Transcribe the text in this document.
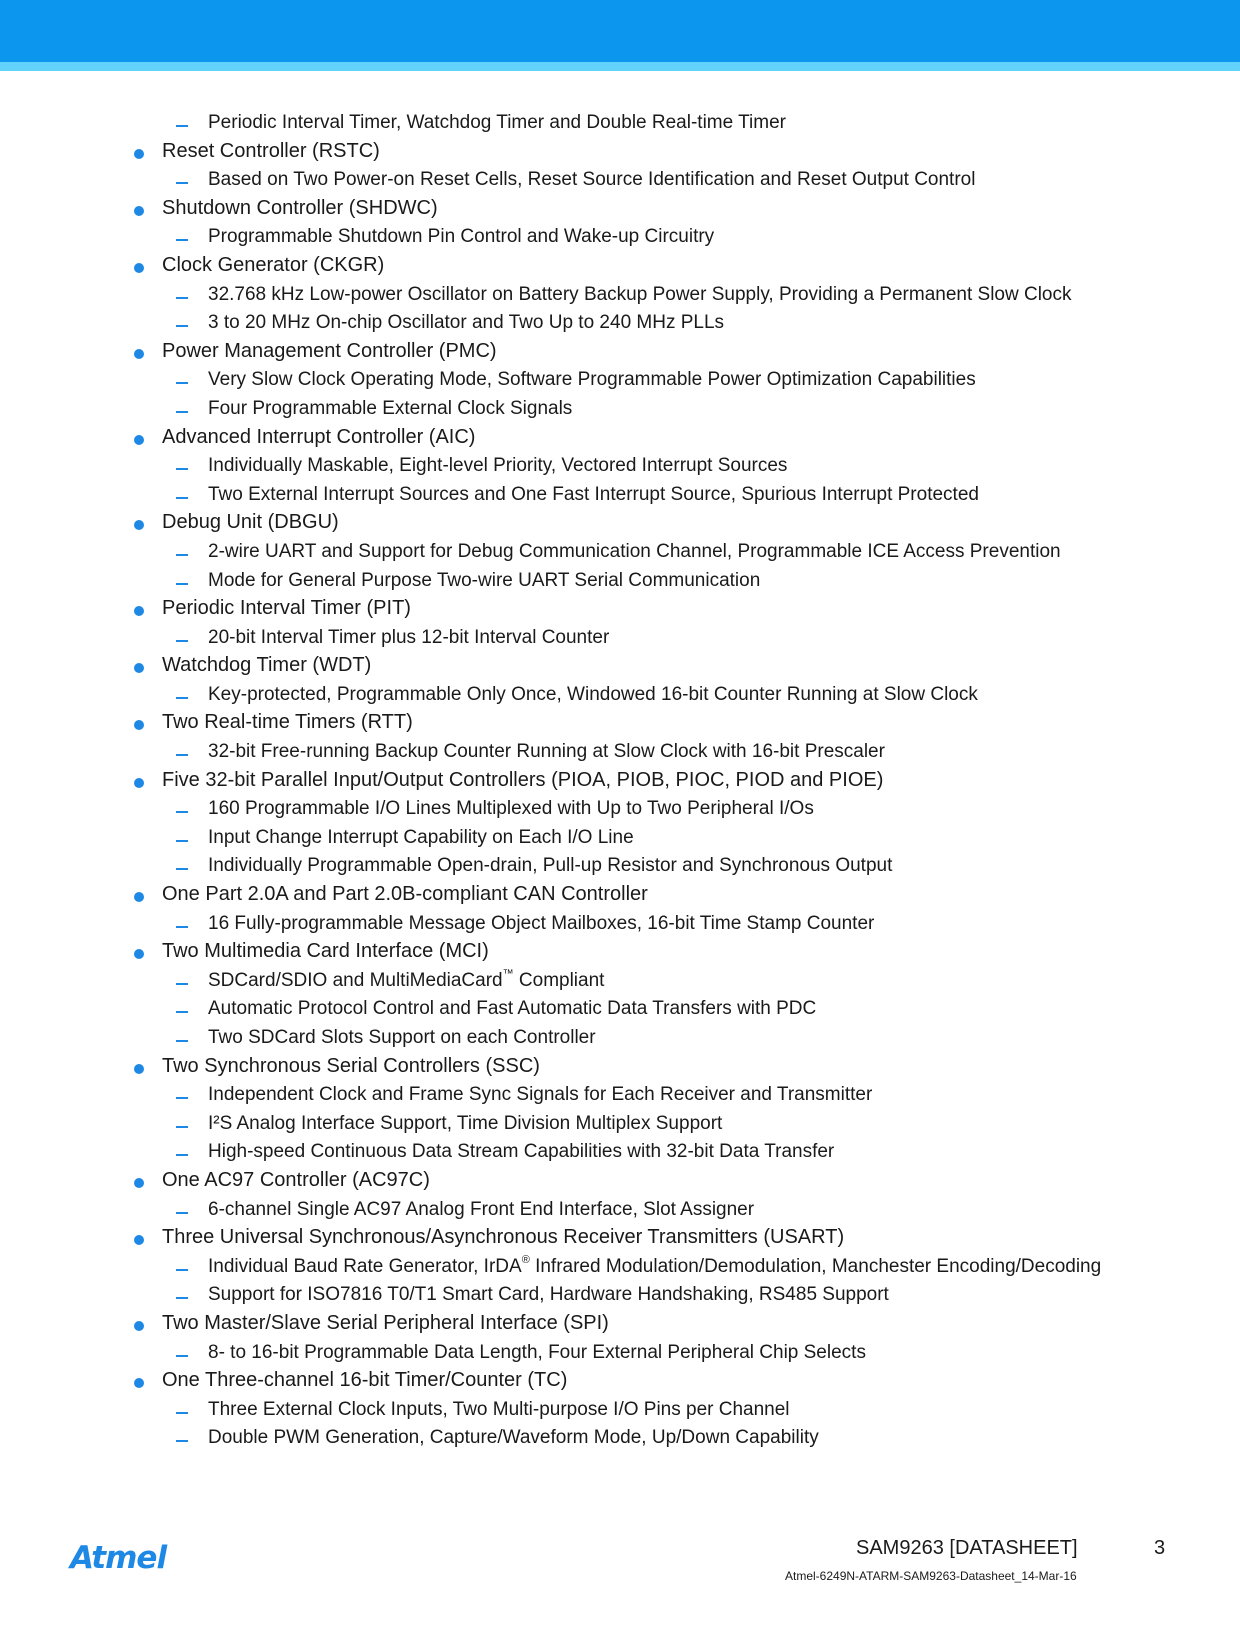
Periodic Interval Timer, Watchdog Timer and Double Real-time Timer
Reset Controller (RSTC)
Based on Two Power-on Reset Cells, Reset Source Identification and Reset Output Control
Shutdown Controller (SHDWC)
Programmable Shutdown Pin Control and Wake-up Circuitry
Clock Generator (CKGR)
32.768 kHz Low-power Oscillator on Battery Backup Power Supply, Providing a Permanent Slow Clock
3 to 20 MHz On-chip Oscillator and Two Up to 240 MHz PLLs
Power Management Controller (PMC)
Very Slow Clock Operating Mode, Software Programmable Power Optimization Capabilities
Four Programmable External Clock Signals
Advanced Interrupt Controller (AIC)
Individually Maskable, Eight-level Priority, Vectored Interrupt Sources
Two External Interrupt Sources and One Fast Interrupt Source, Spurious Interrupt Protected
Debug Unit (DBGU)
2-wire UART and Support for Debug Communication Channel, Programmable ICE Access Prevention
Mode for General Purpose Two-wire UART Serial Communication
Periodic Interval Timer (PIT)
20-bit Interval Timer plus 12-bit Interval Counter
Watchdog Timer (WDT)
Key-protected, Programmable Only Once, Windowed 16-bit Counter Running at Slow Clock
Two Real-time Timers (RTT)
32-bit Free-running Backup Counter Running at Slow Clock with 16-bit Prescaler
Five 32-bit Parallel Input/Output Controllers (PIOA, PIOB, PIOC, PIOD and PIOE)
160 Programmable I/O Lines Multiplexed with Up to Two Peripheral I/Os
Input Change Interrupt Capability on Each I/O Line
Individually Programmable Open-drain, Pull-up Resistor and Synchronous Output
One Part 2.0A and Part 2.0B-compliant CAN Controller
16 Fully-programmable Message Object Mailboxes, 16-bit Time Stamp Counter
Two Multimedia Card Interface (MCI)
SDCard/SDIO and MultiMediaCard™ Compliant
Automatic Protocol Control and Fast Automatic Data Transfers with PDC
Two SDCard Slots Support on each Controller
Two Synchronous Serial Controllers (SSC)
Independent Clock and Frame Sync Signals for Each Receiver and Transmitter
I²S Analog Interface Support, Time Division Multiplex Support
High-speed Continuous Data Stream Capabilities with 32-bit Data Transfer
One AC97 Controller (AC97C)
6-channel Single AC97 Analog Front End Interface, Slot Assigner
Three Universal Synchronous/Asynchronous Receiver Transmitters (USART)
Individual Baud Rate Generator, IrDA® Infrared Modulation/Demodulation, Manchester Encoding/Decoding
Support for ISO7816 T0/T1 Smart Card, Hardware Handshaking, RS485 Support
Two Master/Slave Serial Peripheral Interface (SPI)
8- to 16-bit Programmable Data Length, Four External Peripheral Chip Selects
One Three-channel 16-bit Timer/Counter (TC)
Three External Clock Inputs, Two Multi-purpose I/O Pins per Channel
Double PWM Generation, Capture/Waveform Mode, Up/Down Capability
Atmel	SAM9263 [DATASHEET]	3
Atmel-6249N-ATARM-SAM9263-Datasheet_14-Mar-16
